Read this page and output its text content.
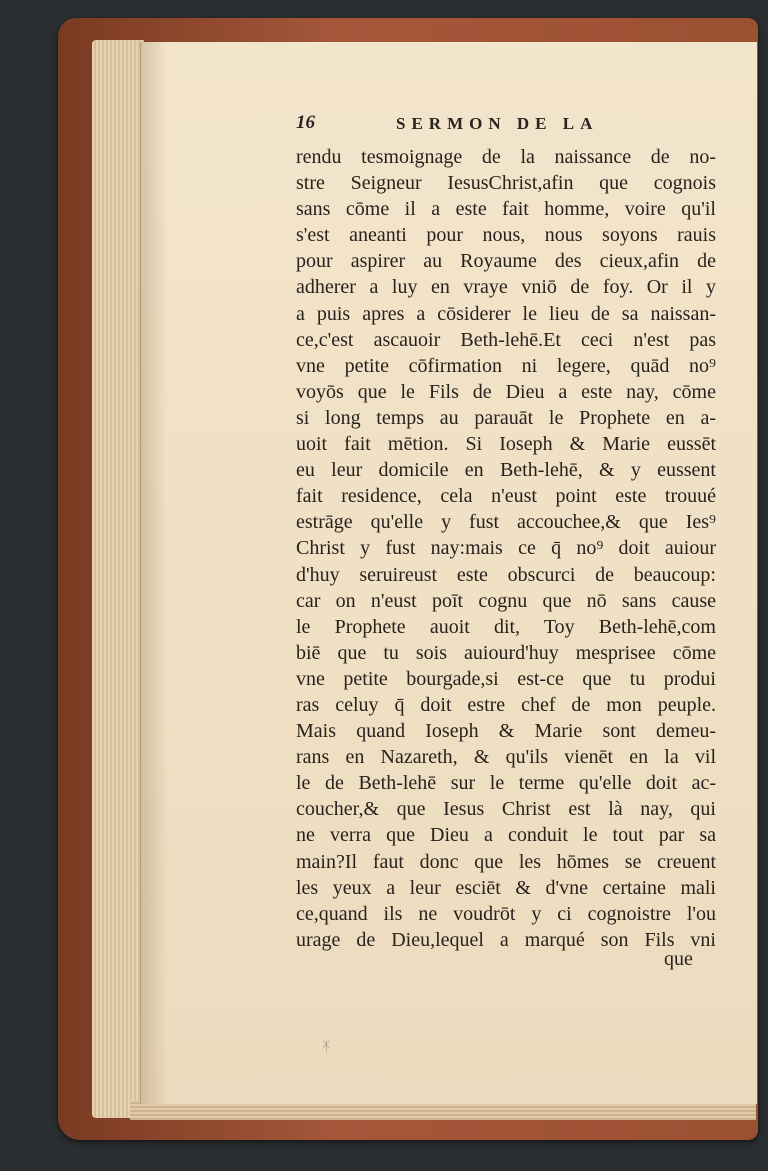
16	SERMON DE LA
rendu tesmoignage de la naissance de no-
stre Seigneur IesusChrist,afin que cognois
sans cōme il a este fait homme, voire qu'il
s'est aneanti pour nous, nous soyons rauis
pour aspirer au Royaume des cieux,afin de
adherer a luy en vraye vniō de foy. Or il y
a puis apres a cōsiderer le lieu de sa naissan-
ce,c'est ascauoir Beth-lehē.Et ceci n'est pas
vne petite cōfirmation ni legere, quād no⁹
voyōs que le Fils de Dieu a este nay, cōme
si long temps au parauāt le Prophete en a-
uoit fait mētion. Si Ioseph & Marie eussēt
eu leur domicile en Beth-lehē, & y eussent
fait residence, cela n'eust point este trouué
estrāge qu'elle y fust accouchee,& que Ies⁹
Christ y fust nay:mais ce q̄ no⁹ doit auiour
d'huy seruireust este obscurci de beaucoup:
car on n'eust poīt cognu que nō sans cause
le Prophete auoit dit, Toy Beth-lehē,com
biē que tu sois auiourd'huy mesprisee cōme
vne petite bourgade,si est-ce que tu produi
ras celuy q̄ doit estre chef de mon peuple.
Mais quand Ioseph & Marie sont demeu-
rans en Nazareth, & qu'ils vienēt en la vil
le de Beth-lehē sur le terme qu'elle doit ac-
coucher,& que Iesus Christ est là nay, qui
ne verra que Dieu a conduit le tout par sa
main?Il faut donc que les hōmes se creuent
les yeux a leur esciēt & d'vne certaine mali
ce,quand ils ne voudrōt y ci cognoistre l'ou
urage de Dieu,lequel a marqué son Fils vni
que
ᛡ
